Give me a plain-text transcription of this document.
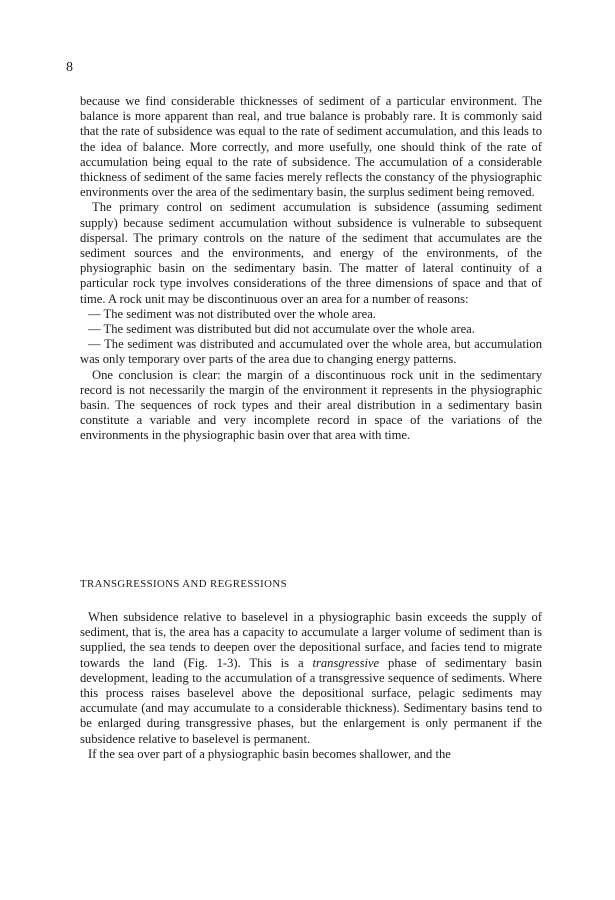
8

because we find considerable thicknesses of sediment of a particular environment. The balance is more apparent than real, and true balance is probably rare. It is commonly said that the rate of subsidence was equal to the rate of sediment accumulation, and this leads to the idea of balance. More correctly, and more usefully, one should think of the rate of accumulation being equal to the rate of subsidence. The accumulation of a considerable thickness of sediment of the same facies merely reflects the constancy of the physiographic environments over the area of the sedimentary basin, the surplus sediment being removed.

The primary control on sediment accumulation is subsidence (assuming sediment supply) because sediment accumulation without subsidence is vulnerable to subsequent dispersal. The primary controls on the nature of the sediment that accumulates are the sediment sources and the environments, and energy of the environments, of the physiographic basin on the sedimentary basin. The matter of lateral continuity of a particular rock type involves considerations of the three dimensions of space and that of time. A rock unit may be discontinuous over an area for a number of reasons:

— The sediment was not distributed over the whole area.

— The sediment was distributed but did not accumulate over the whole area.

— The sediment was distributed and accumulated over the whole area, but accumulation was only temporary over parts of the area due to changing energy patterns.

One conclusion is clear: the margin of a discontinuous rock unit in the sedimentary record is not necessarily the margin of the environment it represents in the physiographic basin. The sequences of rock types and their areal distribution in a sedimentary basin constitute a variable and very incomplete record in space of the variations of the environments in the physiographic basin over that area with time.

TRANSGRESSIONS AND REGRESSIONS

When subsidence relative to baselevel in a physiographic basin exceeds the supply of sediment, that is, the area has a capacity to accumulate a larger volume of sediment than is supplied, the sea tends to deepen over the depositional surface, and facies tend to migrate towards the land (Fig. 1-3). This is a transgressive phase of sedimentary basin development, leading to the accumulation of a transgressive sequence of sediments. Where this process raises baselevel above the depositional surface, pelagic sediments may accumulate (and may accumulate to a considerable thickness). Sedimentary basins tend to be enlarged during transgressive phases, but the enlargement is only permanent if the subsidence relative to baselevel is permanent.

If the sea over part of a physiographic basin becomes shallower, and the
